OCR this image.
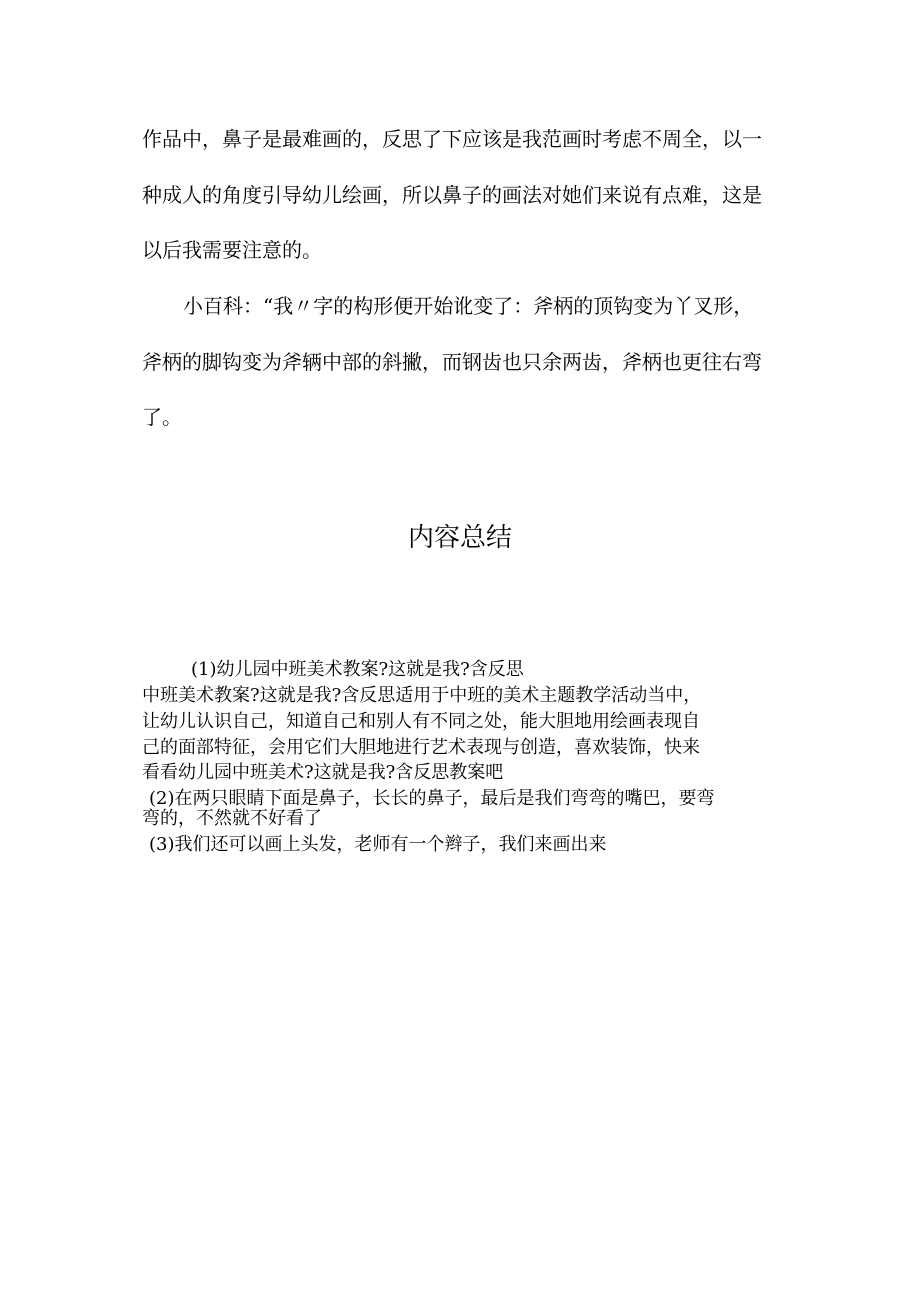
作品中，鼻子是最难画的，反思了下应该是我范画时考虑不周全，以一
种成人的角度引导幼儿绘画，所以鼻子的画法对她们来说有点难，这是
以后我需要注意的。
小百科：“我〃字的构形便开始讹变了：斧柄的顶钩变为丫叉形，
斧柄的脚钩变为斧辆中部的斜撇，而钢齿也只余两齿，斧柄也更往右弯
了。
内容总结
(1)幼儿园中班美术教案?这就是我?含反思
中班美术教案?这就是我?含反思适用于中班的美术主题教学活动当中，
让幼儿认识自己，知道自己和别人有不同之处，能大胆地用绘画表现自
己的面部特征，会用它们大胆地进行艺术表现与创造，喜欢装饰，快来
看看幼儿园中班美术?这就是我?含反思教案吧
(2)在两只眼睛下面是鼻子，长长的鼻子，最后是我们弯弯的嘴巴，要弯
弯的，不然就不好看了
(3)我们还可以画上头发，老师有一个辫子，我们来画出来
